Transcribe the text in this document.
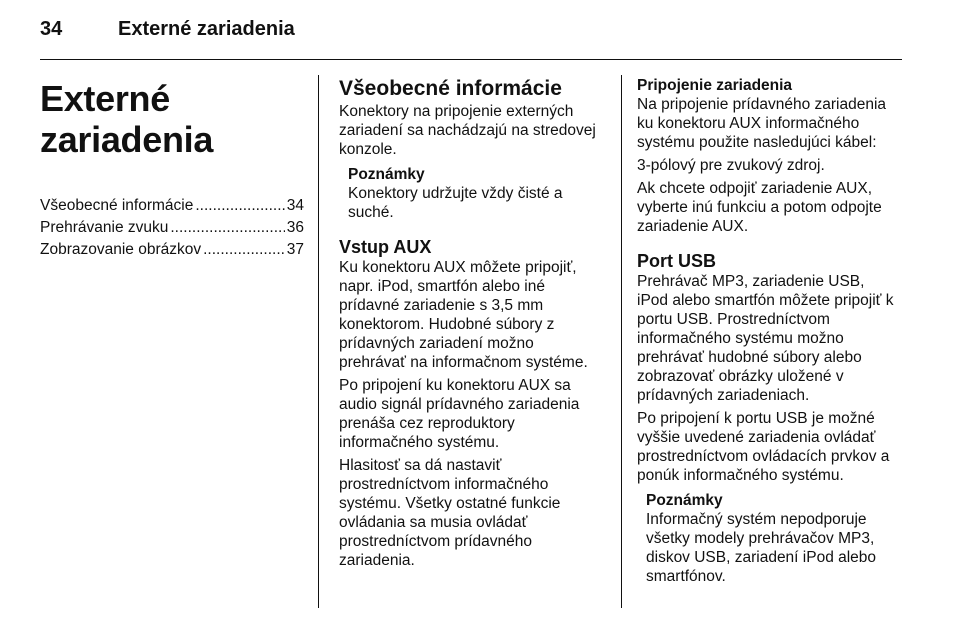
34	Externé zariadenia
Externé zariadenia
Všeobecné informácie .....	34
Prehrávanie zvuku .....	36
Zobrazovanie obrázkov .....	37
Všeobecné informácie

Konektory na pripojenie externých
zariadení sa nachádzajú na stredovej
konzole.

Poznámky

Konektory udržujte vždy čisté a
suché.

Vstup AUX

Ku konektoru AUX môžete pripojiť,
napr. iPod, smartfón alebo iné
prídavné zariadenie s 3,5 mm
konektorom. Hudobné súbory z
prídavných zariadení možno
prehrávať na informačnom systéme.

Po pripojení ku konektoru AUX sa
audio signál prídavného zariadenia
prenáša cez reproduktory
informačného systému.

Hlasitosť sa dá nastaviť
prostredníctvom informačného
systému. Všetky ostatné funkcie
ovládania sa musia ovládať
prostredníctvom prídavného
zariadenia.

Pripojenie zariadenia

Na pripojenie prídavného zariadenia
ku konektoru AUX informačného
systému použite nasledujúci kábel:

3-pólový pre zvukový zdroj.

Ak chcete odpojiť zariadenie AUX,
vyberte inú funkciu a potom odpojte
zariadenie AUX.

Port USB

Prehrávač MP3, zariadenie USB,
iPod alebo smartfón môžete pripojiť k
portu USB. Prostredníctvom
informačného systému možno
prehrávať hudobné súbory alebo
zobrazovať obrázky uložené v
prídavných zariadeniach.

Po pripojení k portu USB je možné
vyššie uvedené zariadenia ovládať
prostredníctvom ovládacích prvkov a
ponúk informačného systému.

Poznámky

Informačný systém nepodporuje
všetky modely prehrávačov MP3,
diskov USB, zariadení iPod alebo
smartfónov.
